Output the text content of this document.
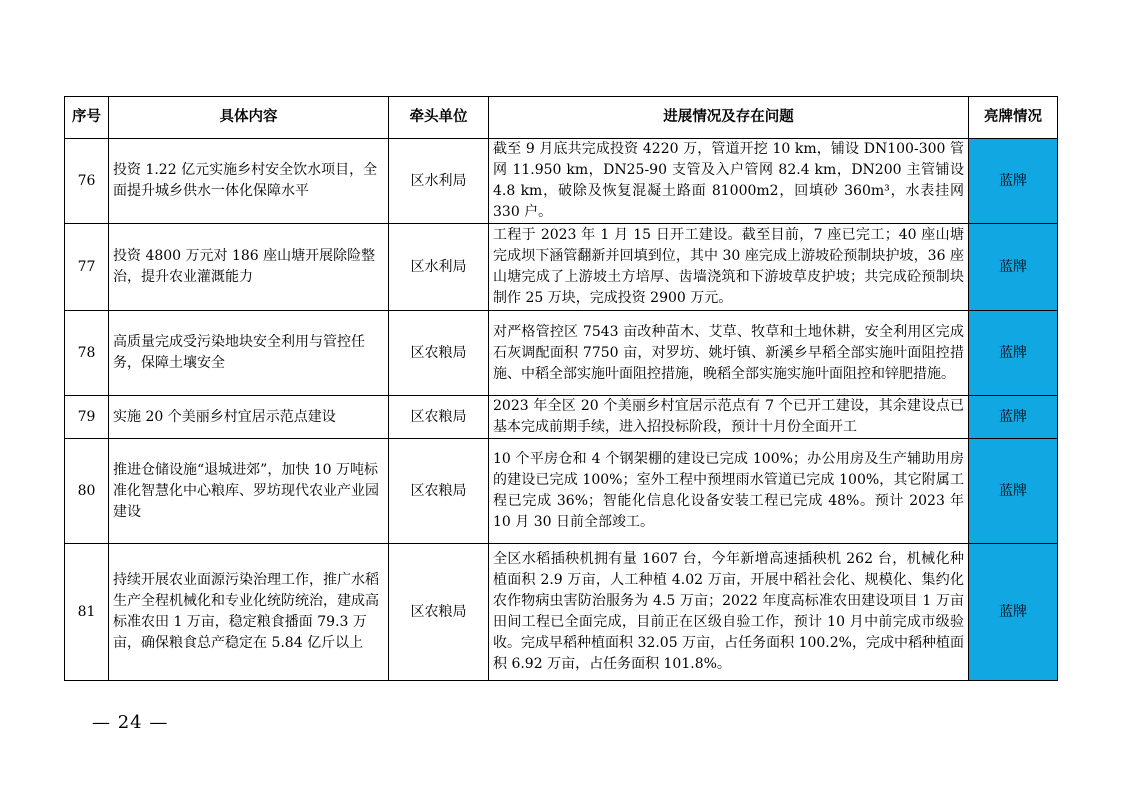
序号	具体内容	牵头单位	进展情况及存在问题	亮牌情况
76	投资 1.22 亿元实施乡村安全饮水项目，全面提升城乡供水一体化保障水平	区水利局	截至 9 月底共完成投资 4220 万，管道开挖 10 km，铺设 DN100-300 管网 11.950 km，DN25-90 支管及入户管网 82.4 km，DN200 主管铺设 4.8 km，破除及恢复混凝土路面 81000m2，回填砂 360m³，水表挂网 330 户。	蓝牌
77	投资 4800 万元对 186 座山塘开展除险整治，提升农业灌溉能力	区水利局	工程于 2023 年 1 月 15 日开工建设。截至目前，7 座已完工；40 座山塘完成坝下涵管翻新并回填到位，其中 30 座完成上游坡砼预制块护坡，36 座山塘完成了上游坡土方培厚、齿墙浇筑和下游坡草皮护坡；共完成砼预制块制作 25 万块，完成投资 2900 万元。	蓝牌
78	高质量完成受污染地块安全利用与管控任务，保障土壤安全	区农粮局	对严格管控区 7543 亩改种苗木、艾草、牧草和土地休耕，安全利用区完成石灰调配面积 7750 亩，对罗坊、姚圩镇、新溪乡早稻全部实施叶面阻控措施、中稻全部实施叶面阻控措施，晚稻全部实施实施叶面阻控和锌肥措施。	蓝牌
79	实施 20 个美丽乡村宜居示范点建设	区农粮局	2023 年全区 20 个美丽乡村宜居示范点有 7 个已开工建设，其余建设点已基本完成前期手续，进入招投标阶段，预计十月份全面开工	蓝牌
80	推进仓储设施“退城进郊”，加快 10 万吨标准化智慧化中心粮库、罗坊现代农业产业园建设	区农粮局	10 个平房仓和 4 个钢架棚的建设已完成 100%；办公用房及生产辅助用房的建设已完成 100%；室外工程中预埋雨水管道已完成 100%，其它附属工程已完成 36%；智能化信息化设备安装工程已完成 48%。预计 2023 年 10 月 30 日前全部竣工。	蓝牌
81	持续开展农业面源污染治理工作，推广水稻生产全程机械化和专业化统防统治，建成高标准农田 1 万亩，稳定粮食播面 79.3 万亩，确保粮食总产稳定在 5.84 亿斤以上	区农粮局	全区水稻插秧机拥有量 1607 台，今年新增高速插秧机 262 台，机械化种植面积 2.9 万亩，人工种植 4.02 万亩，开展中稻社会化、规模化、集约化农作物病虫害防治服务为 4.5 万亩；2022 年度高标准农田建设项目 1 万亩田间工程已全面完成，目前正在区级自验工作，预计 10 月中前完成市级验收。完成早稻种植面积 32.05 万亩，占任务面积 100.2%，完成中稻种植面积 6.92 万亩，占任务面积 101.8%。	蓝牌
— 24 —
